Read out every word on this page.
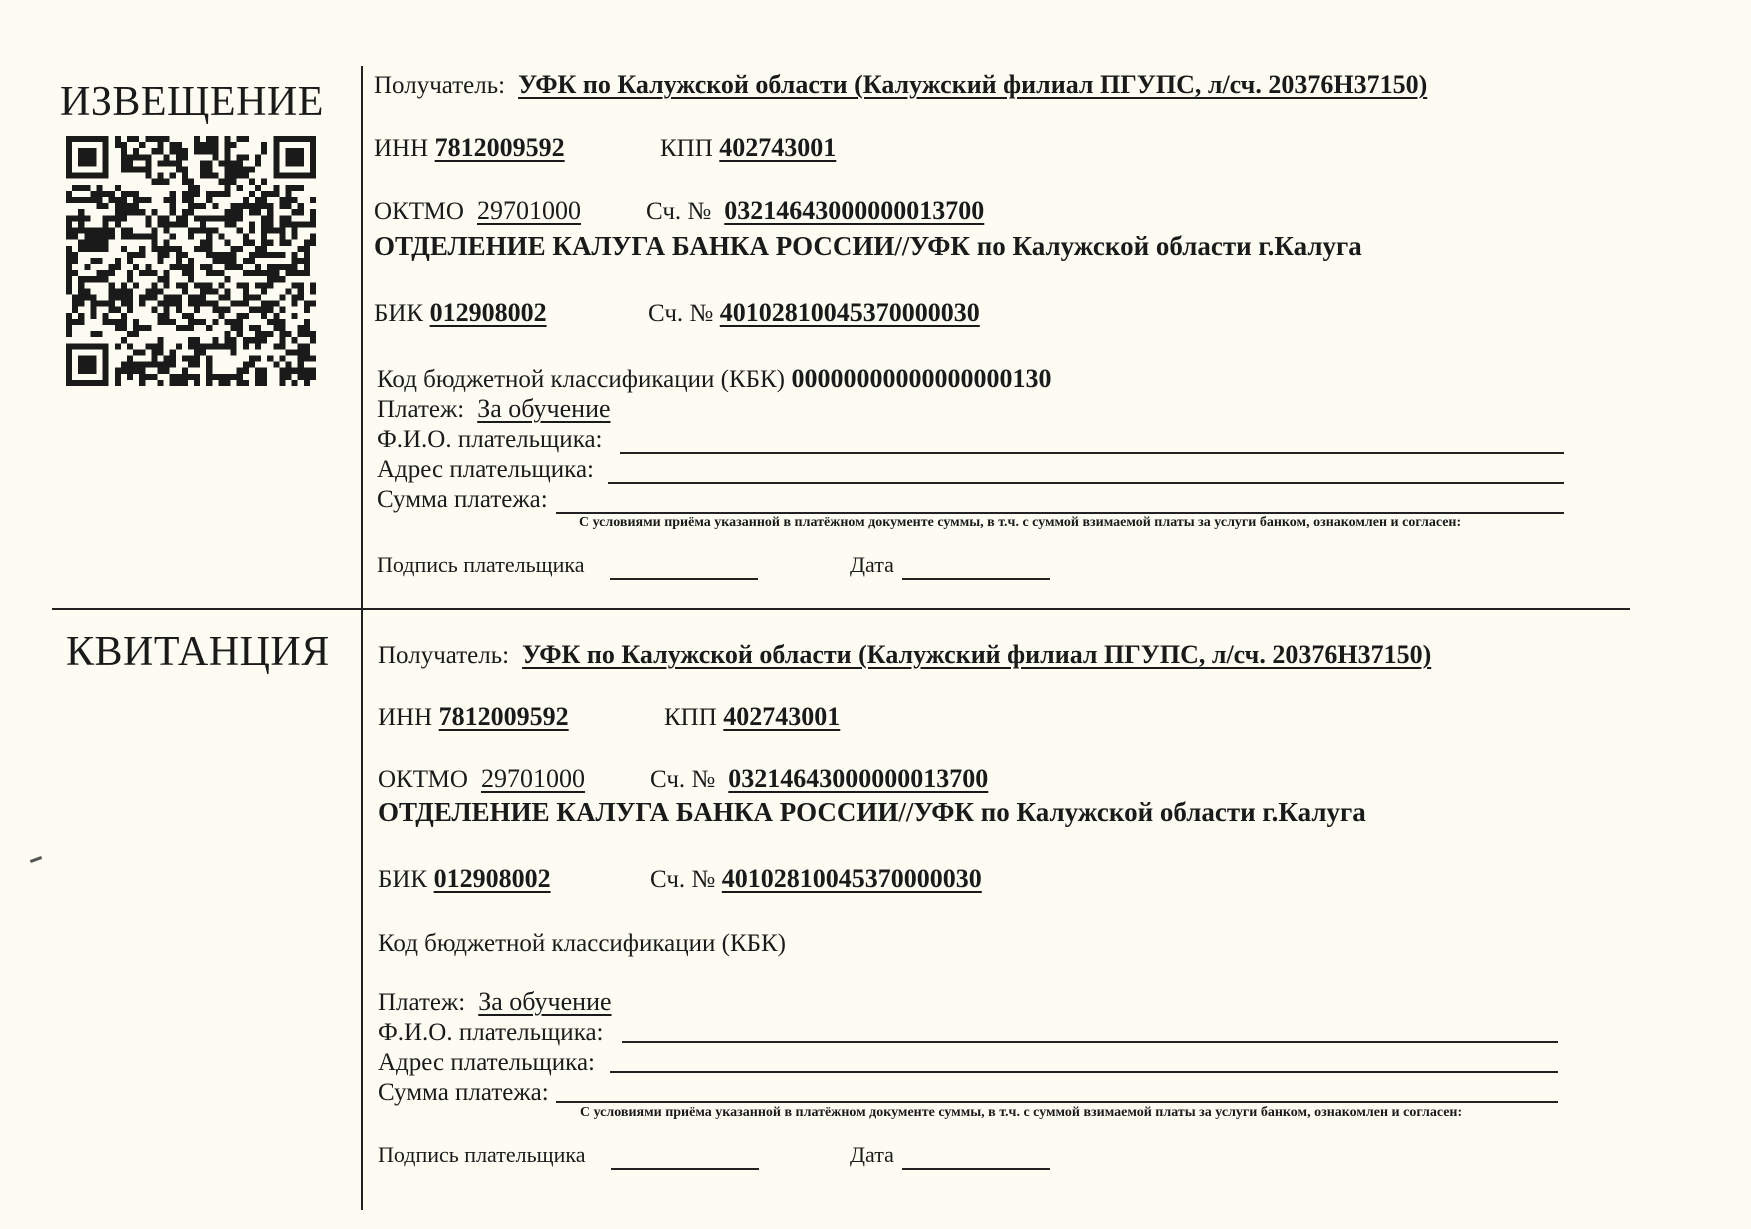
ИЗВЕЩЕНИЕ Получатель: УФК по Калужской области (Калужский филиал ПГУПС, л/сч. 20376Н37150)
ИНН 7812009592	КПП 402743001
ОКТМО 29701000	Сч. № 03214643000000013700
ОТДЕЛЕНИЕ КАЛУГА БАНКА РОССИИ//УФК по Калужской области г.Калуга
БИК 012908002	Сч. № 40102810045370000030
Код бюджетной классификации (КБК) 00000000000000000130
Платеж: За обучение
Ф.И.О. плательщика:
Адрес плательщика:
Сумма платежа:
С условиями приёма указанной в платёжном документе суммы, в т.ч. с суммой взимаемой платы за услуги банком, ознакомлен и согласен:
Подпись плательщика	Дата
КВИТАНЦИЯ Получатель: УФК по Калужской области (Калужский филиал ПГУПС, л/сч. 20376Н37150)
ИНН 7812009592	КПП 402743001
ОКТМО 29701000	Сч. № 03214643000000013700
ОТДЕЛЕНИЕ КАЛУГА БАНКА РОССИИ//УФК по Калужской области г.Калуга
БИК 012908002	Сч. № 40102810045370000030
Код бюджетной классификации (КБК)
Платеж: За обучение
Ф.И.О. плательщика:
Адрес плательщика:
Сумма платежа:
С условиями приёма указанной в платёжном документе суммы, в т.ч. с суммой взимаемой платы за услуги банком, ознакомлен и согласен:
Подпись плательщика	Дата
